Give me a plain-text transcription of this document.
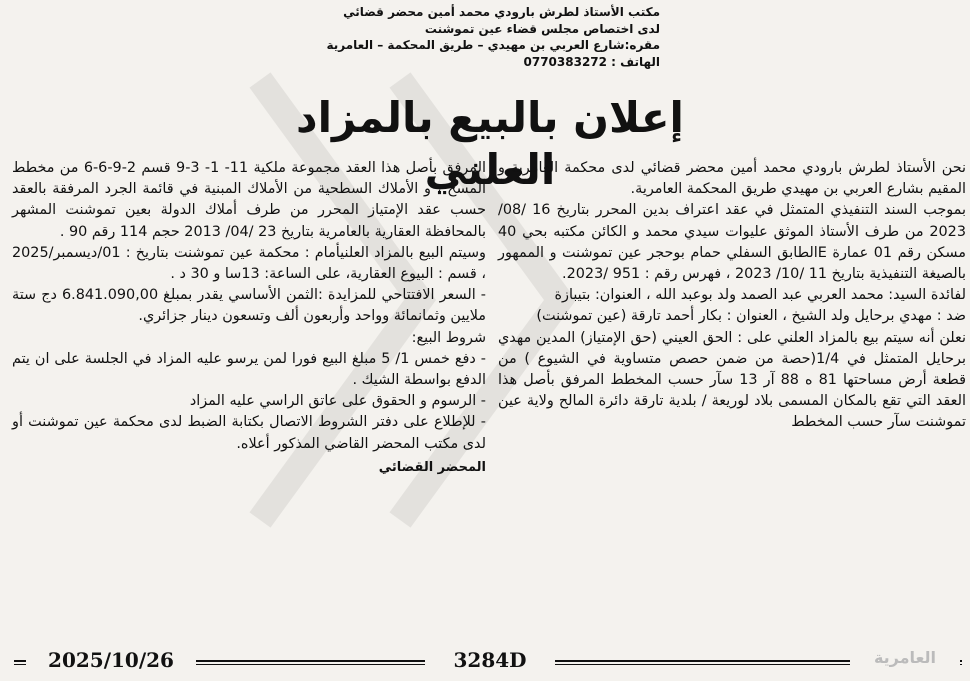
مكتب الأستاذ لطرش بارودي محمد أمين محضر قضائي
لدى اختصاص مجلس قضاء عين تموشنت
مقره:شارع العربي بن مهيدي – طريق المحكمة – العامرية
الهاتف : 0770383272
إعلان بالبيع بالمزاد العلني

نحن الأستاذ لطرش بارودي محمد أمين محضر قضائي لدى محكمة العامرية و المقيم بشارع العربي بن مهيدي طريق المحكمة العامرية.

بموجب السند التنفيذي المتمثل في عقد اعتراف بدين المحرر بتاريخ 16 /08/ 2023 من طرف الأستاذ الموثق عليوات سيدي محمد و الكائن مكتبه بحي 40 مسكن رقم 01 عمارة Eالطابق السفلي حمام بوحجر عين تموشنت و الممهور بالصيغة التنفيذية بتاريخ 11 /10/ 2023 ، فهرس رقم : 951 /2023.

لفائدة السيد: محمد العربي عبد الصمد ولد بوعبد الله ، العنوان: بتيبازة

ضد : مهدي برحايل ولد الشيخ ، العنوان : بكار أحمد تارقة (عين تموشنت)

نعلن أنه سيتم بيع بالمزاد العلني على : الحق العيني (حق الإمتياز) المدين مهدي برحايل المتمثل في 1/4(حصة من ضمن حصص متساوية في الشيوع ) من قطعة أرض مساحتها 81 ه 88 آر 13 سآر حسب المخطط المرفق بأصل هذا العقد التي تقع بالمكان المسمى بلاد لوريعة / بلدية تارقة دائرة المالح ولاية عين تموشنت سآر حسب المخطط

المرفق بأصل هذا العقد مجموعة ملكية 11- 1- 3-9 قسم 2-9-6-6 من مخطط المسح ، و الأملاك السطحية من الأملاك المبنية في قائمة الجرد المرفقة بالعقد حسب عقد الإمتياز المحرر من طرف أملاك الدولة بعين تموشنت المشهر بالمحافظة العقارية بالعامرية بتاريخ 23 /04/ 2013 حجم 114 رقم 90 .

وسيتم البيع بالمزاد العلنيأمام : محكمة عين تموشنت بتاريخ : 01/ديسمبر/2025 ، قسم : البيوع العقارية، على الساعة: 13سا و 30 د .

- السعر الافتتاحي للمزايدة :الثمن الأساسي يقدر بمبلغ 6.841.090,00 دج ستة ملايين وثمانمائة وواحد وأربعون ألف وتسعون دينار جزائري.

شروط البيع:

- دفع خمس 1/ 5 مبلغ البيع فورا لمن يرسو عليه المزاد في الجلسة على ان يتم الدفع بواسطة الشيك .

- الرسوم و الحقوق على عاتق الراسي عليه المزاد

- للإطلاع على دفتر الشروط الاتصال بكتابة الضبط لدى محكمة عين تموشنت أو لدى مكتب المحضر القاضي المذكور أعلاه.

المحضر القضائي

2025/10/26	3284D	العامرية
